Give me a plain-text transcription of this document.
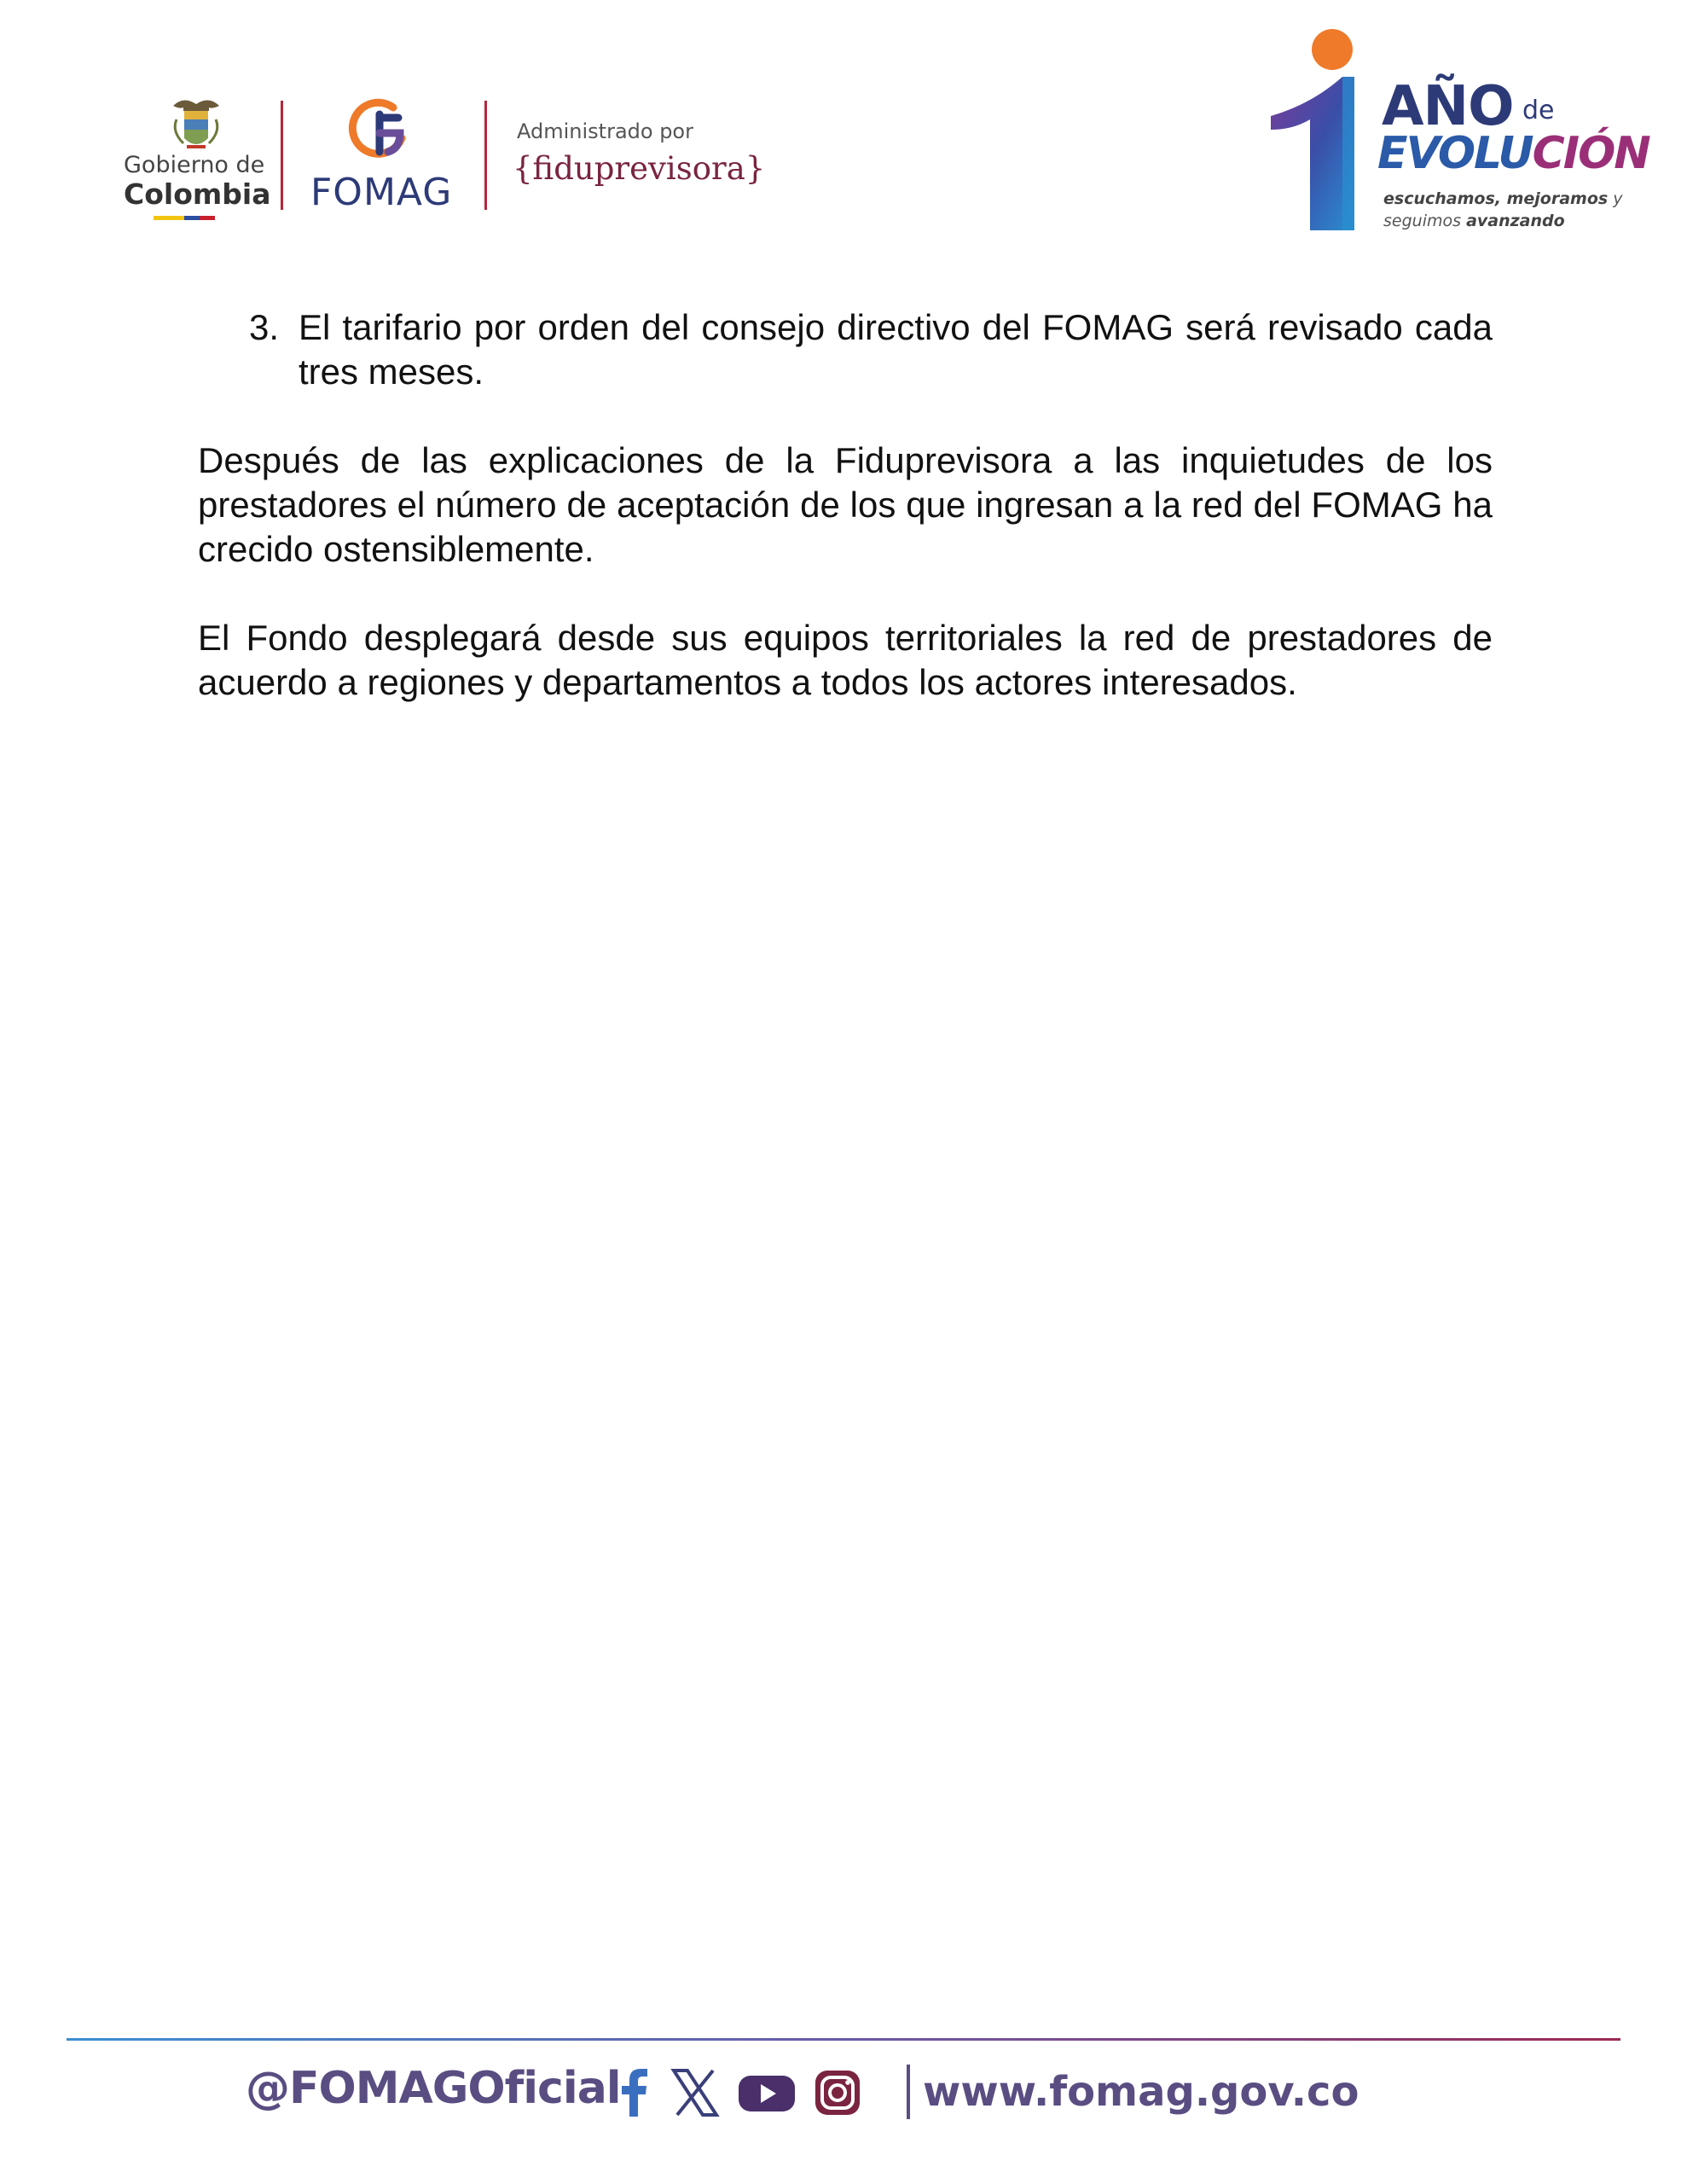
Gobierno de
Colombia FOMAG
Administrado por
{fiduprevisora}
AÑO de
EVOLUCIÓN
escuchamos, mejoramos y
seguimos avanzando
3. El tarifario por orden del consejo directivo del FOMAG será revisado cada tres meses.

Después de las explicaciones de la Fiduprevisora a las inquietudes de los prestadores el número de aceptación de los que ingresan a la red del FOMAG ha crecido ostensiblemente.

El Fondo desplegará desde sus equipos territoriales la red de prestadores de acuerdo a regiones y departamentos a todos los actores interesados.

@FOMAGOficial	www.fomag.gov.co
